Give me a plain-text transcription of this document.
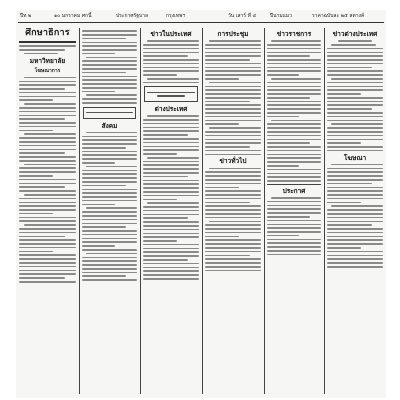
ปีท ๒	๑๐ มกราคม ศกนี้	ประกาศรัฐบาล	กรุงเทพฯ	วัน เสาร์ ที่ ๔	ปีนามแมว	ราคาฉบับละ ๒๕ สตางค์
ศึกษาธิการ
มหาวิทยาลัย
โฆษณาการ
สังคม
ข่าวในประเทศ
ต่างประเทศ
การประชุม
ข่าวทั่วไป
ข่าวราชการ
ประกาศ
ข่าวต่างประเทศ
โฆษณา
